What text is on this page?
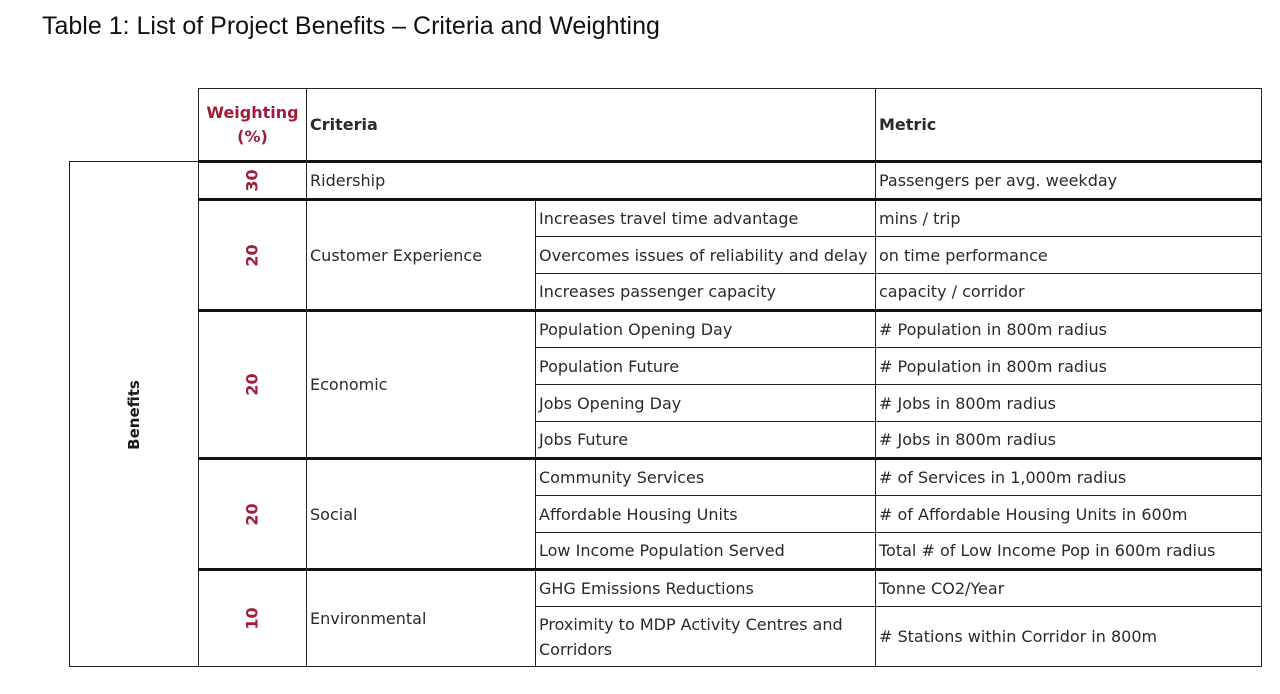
Table 1: List of Project Benefits – Criteria and Weighting
	Weighting (%)	Criteria		Metric
Benefits	30	Ridership		Passengers per avg. weekday
	20	Customer Experience	Increases travel time advantage	mins / trip
			Overcomes issues of reliability and delay	on time performance
			Increases passenger capacity	capacity / corridor
	20	Economic	Population Opening Day	# Population in 800m radius
			Population Future	# Population in 800m radius
			Jobs Opening Day	# Jobs in 800m radius
			Jobs Future	# Jobs in 800m radius
	20	Social	Community Services	# of Services in 1,000m radius
			Affordable Housing Units	# of Affordable Housing Units in 600m
			Low Income Population Served	Total # of Low Income Pop in 600m radius
	10	Environmental	GHG Emissions Reductions	Tonne CO2/Year
			Proximity to MDP Activity Centres and Corridors	# Stations within Corridor in 800m
